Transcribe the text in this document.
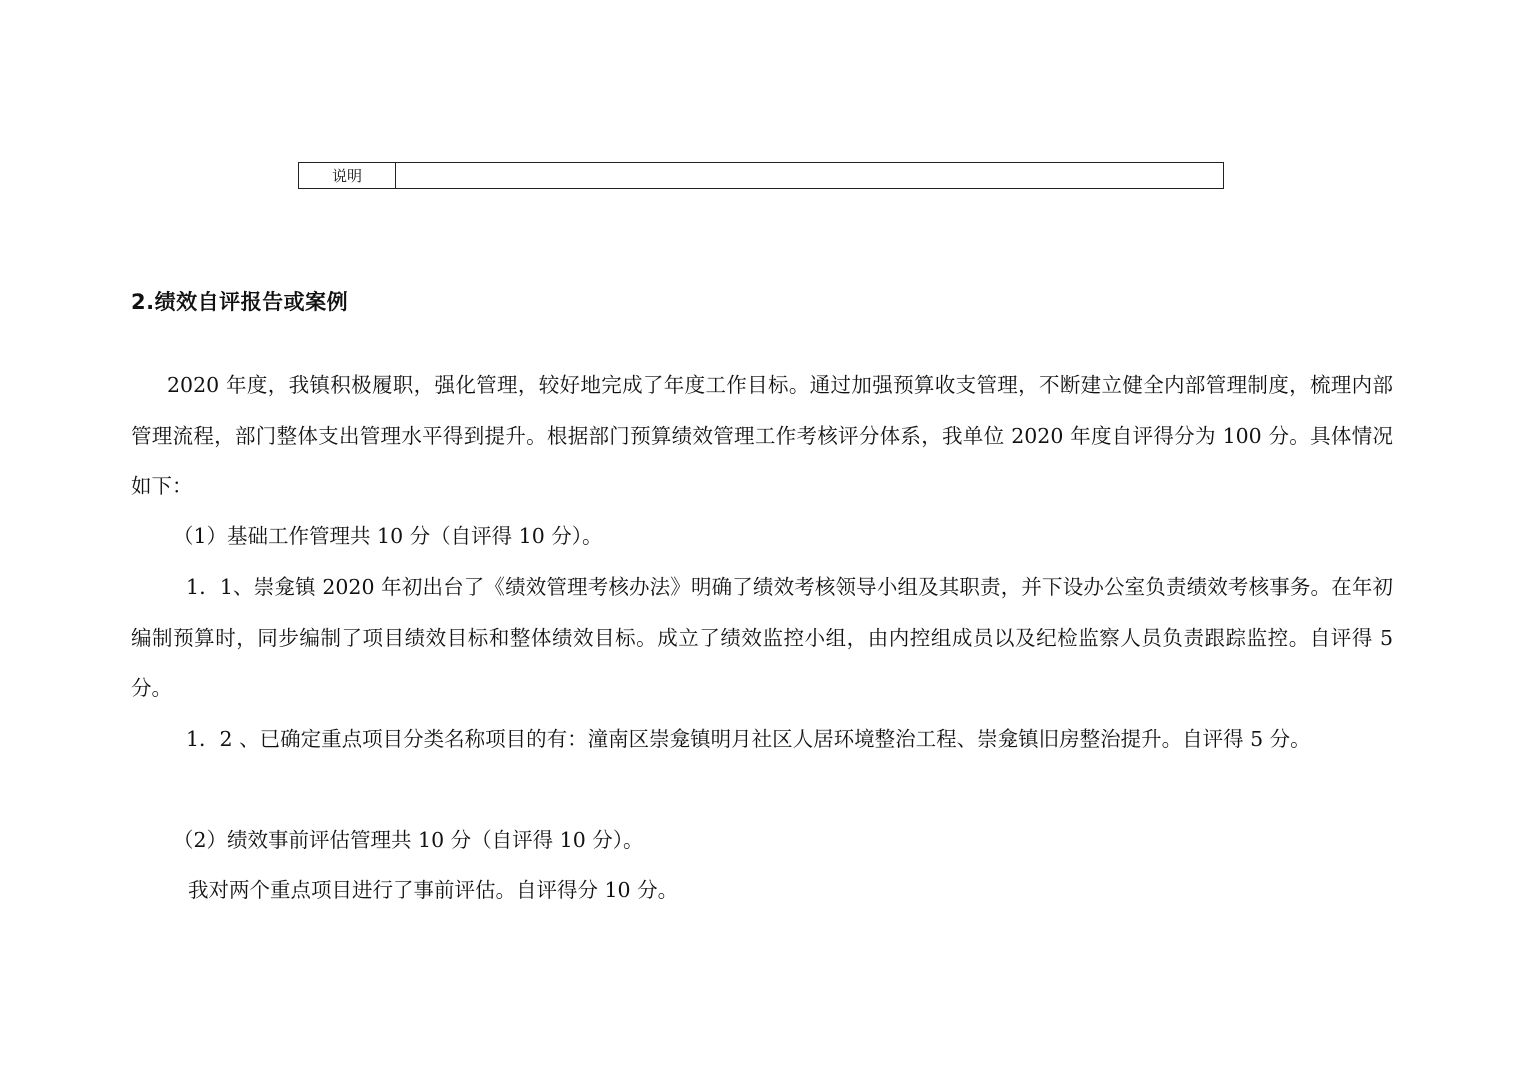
说明	
2.绩效自评报告或案例

2020 年度，我镇积极履职，强化管理，较好地完成了年度工作目标。通过加强预算收支管理，不断建立健全内部管理制度，梳理内部管理流程，部门整体支出管理水平得到提升。根据部门预算绩效管理工作考核评分体系，我单位 2020 年度自评得分为 100 分。具体情况如下：

（1）基础工作管理共 10 分（自评得 10 分）。

1．1、崇龛镇 2020 年初出台了《绩效管理考核办法》明确了绩效考核领导小组及其职责，并下设办公室负责绩效考核事务。在年初编制预算时，同步编制了项目绩效目标和整体绩效目标。成立了绩效监控小组，由内控组成员以及纪检监察人员负责跟踪监控。自评得 5 分。

1．2 、已确定重点项目分类名称项目的有：潼南区崇龛镇明月社区人居环境整治工程、崇龛镇旧房整治提升。自评得 5 分。

（2）绩效事前评估管理共 10 分（自评得 10 分）。

我对两个重点项目进行了事前评估。自评得分 10 分。
